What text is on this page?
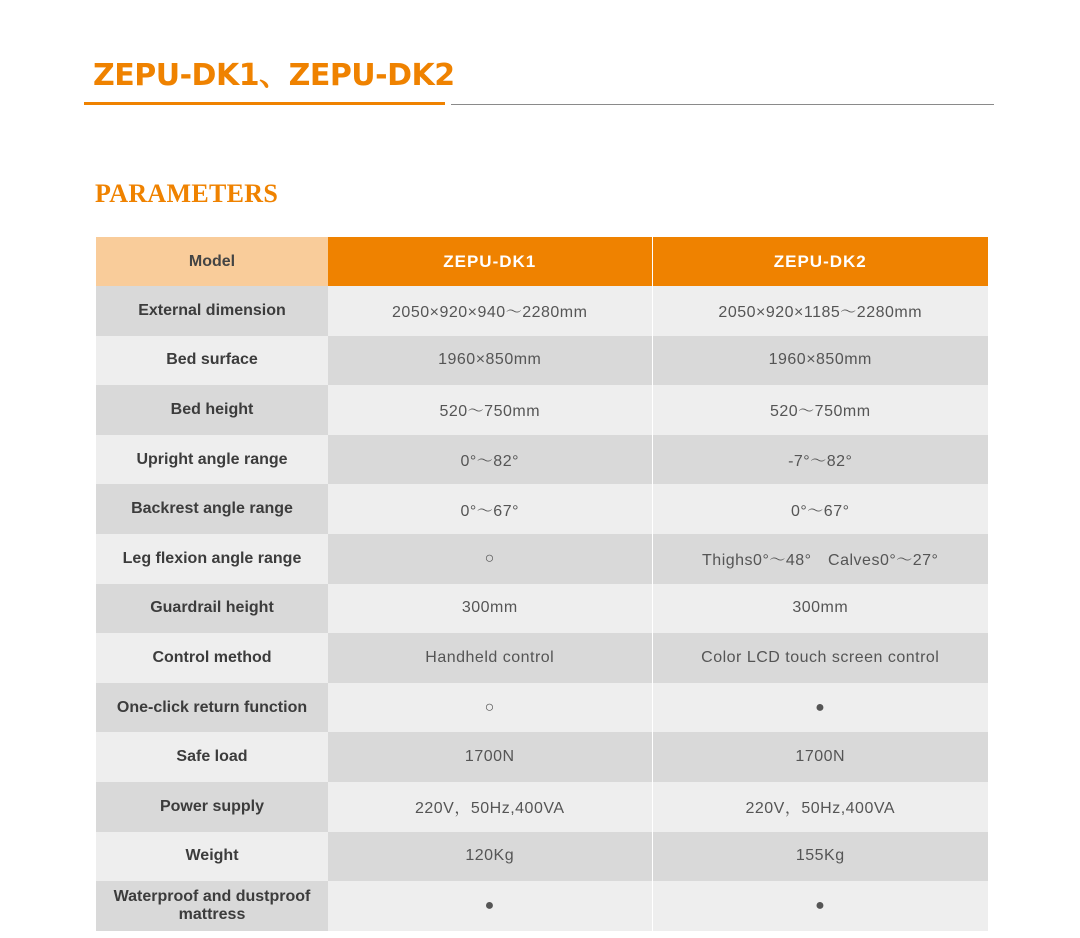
ZEPU-DK1、ZEPU-DK2
PARAMETERS
Model	ZEPU-DK1	ZEPU-DK2
External dimension	2050×920×940～2280mm	2050×920×1185～2280mm
Bed surface	1960×850mm	1960×850mm
Bed height	520～750mm	520～750mm
Upright angle range	0°～82°	-7°～82°
Backrest angle range	0°～67°	0°～67°
Leg flexion angle range	○	Thighs0°～48°　Calves0°～27°
Guardrail height	300mm	300mm
Control method	Handheld control	Color LCD touch screen control
One-click return function	○	●
Safe load	1700N	1700N
Power supply	220V，50Hz,400VA	220V，50Hz,400VA
Weight	120Kg	155Kg
Waterproof and dustproof mattress	●	●
